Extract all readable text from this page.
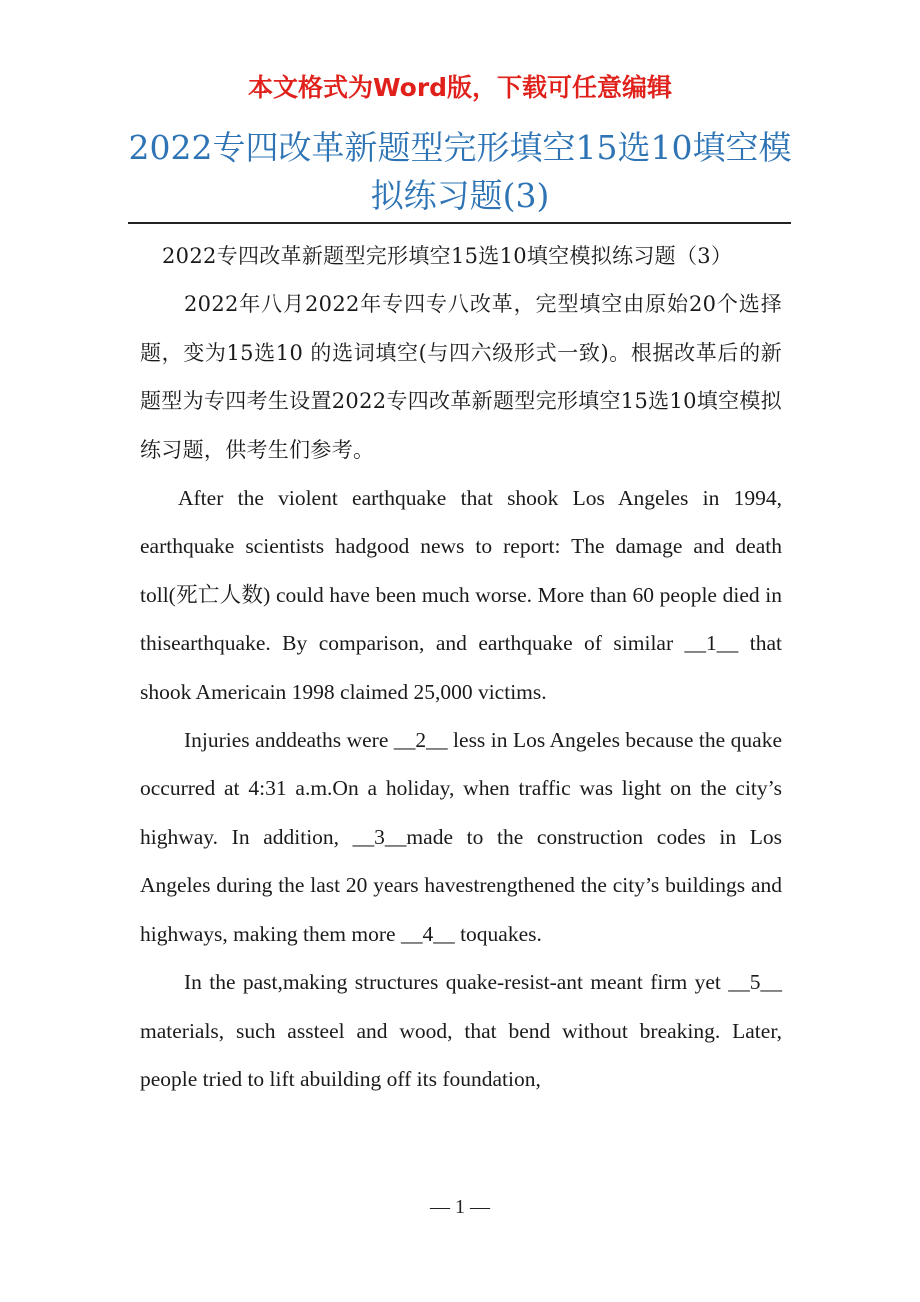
本文格式为Word版，下载可任意编辑
2022专四改革新题型完形填空15选10填空模拟练习题(3)

2022专四改革新题型完形填空15选10填空模拟练习题（3）

2022年八月2022年专四专八改革，完型填空由原始20个选择题，变为15选10 的选词填空(与四六级形式一致)。根据改革后的新题型为专四考生设置2022专四改革新题型完形填空15选10填空模拟练习题，供考生们参考。

After the violent earthquake that shook Los Angeles in 1994, earthquake scientists hadgood news to report: The damage and death toll(死亡人数) could have been much worse. More than 60 people died in thisearthquake. By comparison, and earthquake of similar __1__ that shook Americain 1998 claimed 25,000 victims.

Injuries anddeaths were __2__ less in Los Angeles because the quake occurred at 4:31 a.m.On a holiday, when traffic was light on the city’s highway. In addition, __3__made to the construction codes in Los Angeles during the last 20 years havestrengthened the city’s buildings and highways, making them more __4__ toquakes.

In the past,making structures quake-resist-ant meant firm yet __5__ materials, such assteel and wood, that bend without breaking. Later, people tried to lift abuilding off its foundation,

— 1 —
